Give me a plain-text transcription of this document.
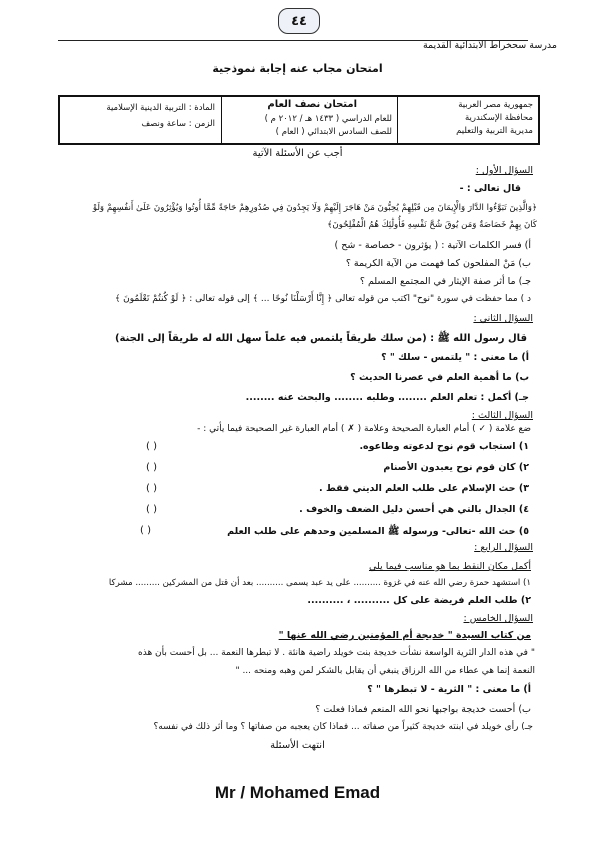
٤٤
مدرسة سحخراط الابتدائية القديمة
امتحان مجاب عنه إجابة نموذجية
جمهورية مصر العربية
محافظة الإسكندرية
مديرية التربية والتعليم
امتحان نصف العام
للعام الدراسي ( ١٤٣٣ هـ / ٢٠١٢ م )
للصف السادس الابتدائي ( العام )
المادة : التربية الدينية الإسلامية
الزمن : ساعة ونصف
أجب عن الأسئلة الآتية
السؤال الأول :
قال تعالى : -
﴿وَالَّذِينَ تَبَوَّءُوا الدَّارَ وَالْإِيمَانَ مِن قَبْلِهِمْ يُحِبُّونَ مَنْ هَاجَرَ إِلَيْهِمْ وَلَا يَجِدُونَ فِي صُدُورِهِمْ حَاجَةً مِّمَّا أُوتُوا وَيُؤْثِرُونَ عَلَىٰ أَنفُسِهِمْ وَلَوْ
كَانَ بِهِمْ خَصَاصَةٌ وَمَن يُوقَ شُحَّ نَفْسِهِ فَأُولَٰئِكَ هُمُ الْمُفْلِحُونَ﴾
أ) فسر الكلمات الآتية : ( يؤثرون - خصاصة - شح )
ب) مَنْ المفلحون كما فهمت من الآية الكريمة ؟
جـ) ما أثر صفة الإيثار في المجتمع المسلم ؟
د ) مما حفظت في سورة "نوح" اكتب من قوله تعالى ﴿ إِنَّا أَرْسَلْنَا نُوحًا ... ﴾ إلى قوله تعالى : ﴿ لَوْ كُنتُمْ تَعْلَمُونَ ﴾
السؤال الثاني :
قال رسول الله ﷺ : (من سلك طريقاً يلتمس فيه علماً سهل الله له طريقاً إلى الجنة)
أ) ما معنى : " يلتمس - سلك " ؟
ب) ما أهمية العلم في عصرنا الحديث ؟
جـ) أكمل : تعلم العلم ........ وطلبه ........ والبحث عنه ........
السؤال الثالث :
ضع علامة ( ✓ ) أمام العبارة الصحيحة وعلامة ( ✗ ) أمام العبارة غير الصحيحة فيما يأتي : -
١) استجاب قوم نوح لدعوته وطاعوه.
( )
٢) كان قوم نوح يعبدون الأصنام
( )
٣) حث الإسلام على طلب العلم الديني فقط .
( )
٤) الجدال بالتي هي أحسن دليل الضعف والخوف .
( )
٥) حث الله -تعالى- ورسوله ﷺ المسلمين وحدهم على طلب العلم
( )
السؤال الرابع :
أكمل مكان النقط بما هو مناسب فيما يلي
١) استشهد حمزة رضي الله عنه في غزوة .......... على يد عبد يسمى .......... بعد أن قتل من المشركين ......... مشركا
٢) طلب العلم فريضة على كل .......... ، ..........
السؤال الخامس :
من كتاب السيدة " خديجة أم المؤمنين رضي الله عنها "
" في هذه الدار الثرية الواسعة نشأت خديجة بنت خويلد راضية هانئة . لا تبطرها النعمة ... بل أحست بأن هذه
النعمة إنما هي عطاء من الله الرزاق ينبغي أن يقابل بالشكر لمن وهبه ومنحه ... "
أ) ما معنى : " الثرية - لا تبطرها " ؟
ب) أحست خديجة بواجبها نحو الله المنعم فماذا فعلت ؟
جـ) رأى خويلد في ابنته خديجة كثيراً من صفاته ... فماذا كان يعجبه من صفاتها ؟ وما أثر ذلك في نفسه؟
انتهت الأسئلة
Mr / Mohamed Emad
